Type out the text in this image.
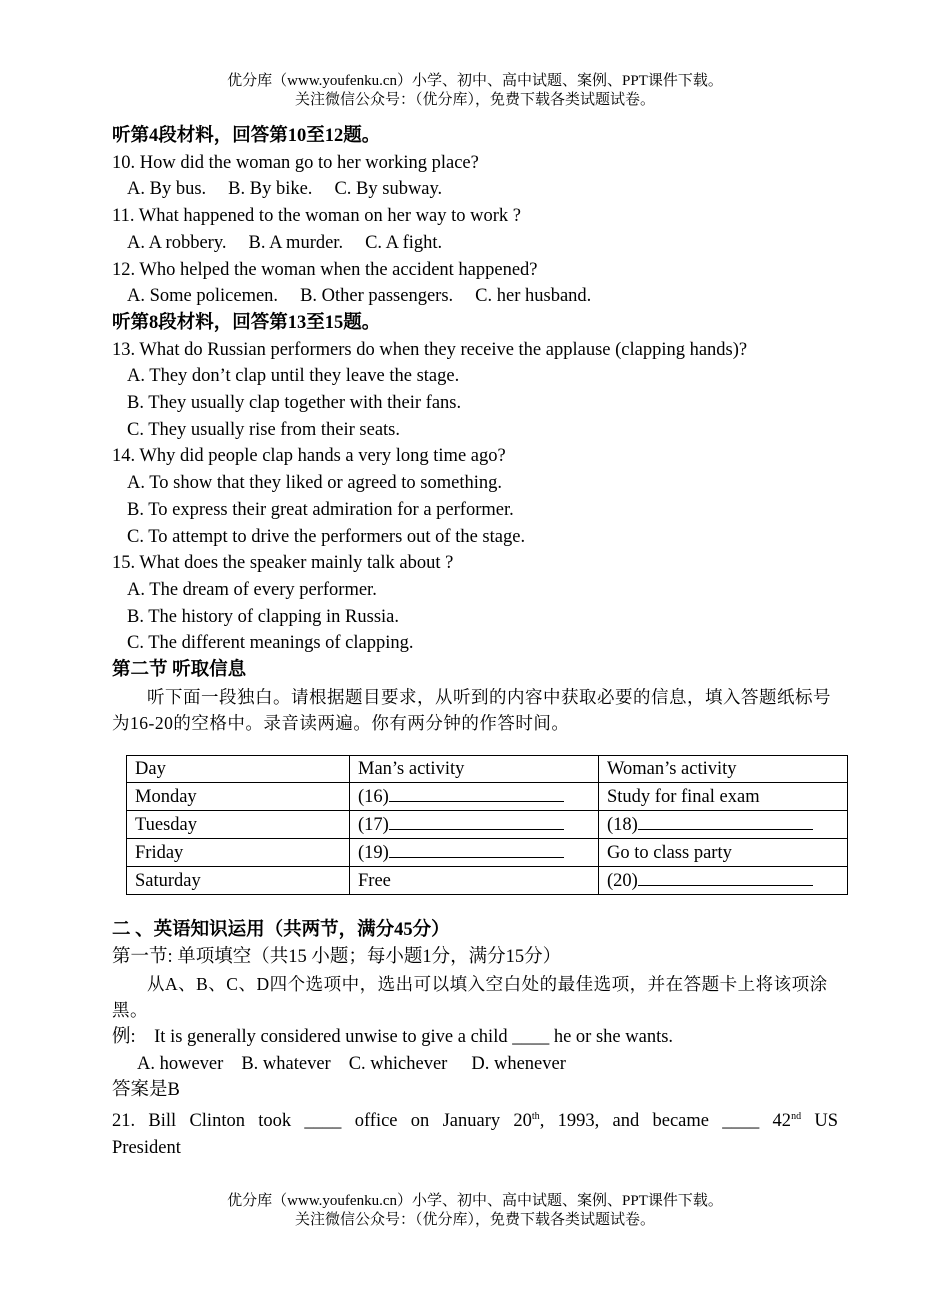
优分库（www.youfenku.cn）小学、初中、高中试题、案例、PPT课件下载。
关注微信公众号：（优分库），免费下载各类试题试卷。
听第4段材料，回答第10至12题。
10. How did the woman go to her working place?
A. By bus. B. By bike. C. By subway.
11. What happened to the woman on her way to work ?
A. A robbery. B. A murder. C. A fight.
12. Who helped the woman when the accident happened?
A. Some policemen. B. Other passengers. C. her husband.
听第8段材料，回答第13至15题。
13. What do Russian performers do when they receive the applause (clapping hands)?
A. They don’t clap until they leave the stage.
B. They usually clap together with their fans.
C. They usually rise from their seats.
14. Why did people clap hands a very long time ago?
A. To show that they liked or agreed to something.
B. To express their great admiration for a performer.
C. To attempt to drive the performers out of the stage.
15. What does the speaker mainly talk about ?
A. The dream of every performer.
B. The history of clapping in Russia.
C. The different meanings of clapping.
第二节 听取信息
听下面一段独白。请根据题目要求，从听到的内容中获取必要的信息，填入答题纸标号为16-20的空格中。录音读两遍。你有两分钟的作答时间。
Day	Man’s activity	Woman’s activity
Monday	(16)	Study for final exam
Tuesday	(17)	(18)
Friday	(19)	Go to class party
Saturday	Free	(20)
二 、英语知识运用（共两节，满分45分）
第一节: 单项填空（共15 小题；每小题1分，满分15分）
从A、B、C、D四个选项中，选出可以填入空白处的最佳选项，并在答题卡上将该项涂黑。
例: It is generally considered unwise to give a child ____ he or she wants.
A. however B. whatever C. whichever D. whenever
答案是B
21. Bill Clinton took ____ office on January 20th, 1993, and became ____ 42nd US
President
优分库（www.youfenku.cn）小学、初中、高中试题、案例、PPT课件下载。
关注微信公众号：（优分库），免费下载各类试题试卷。
